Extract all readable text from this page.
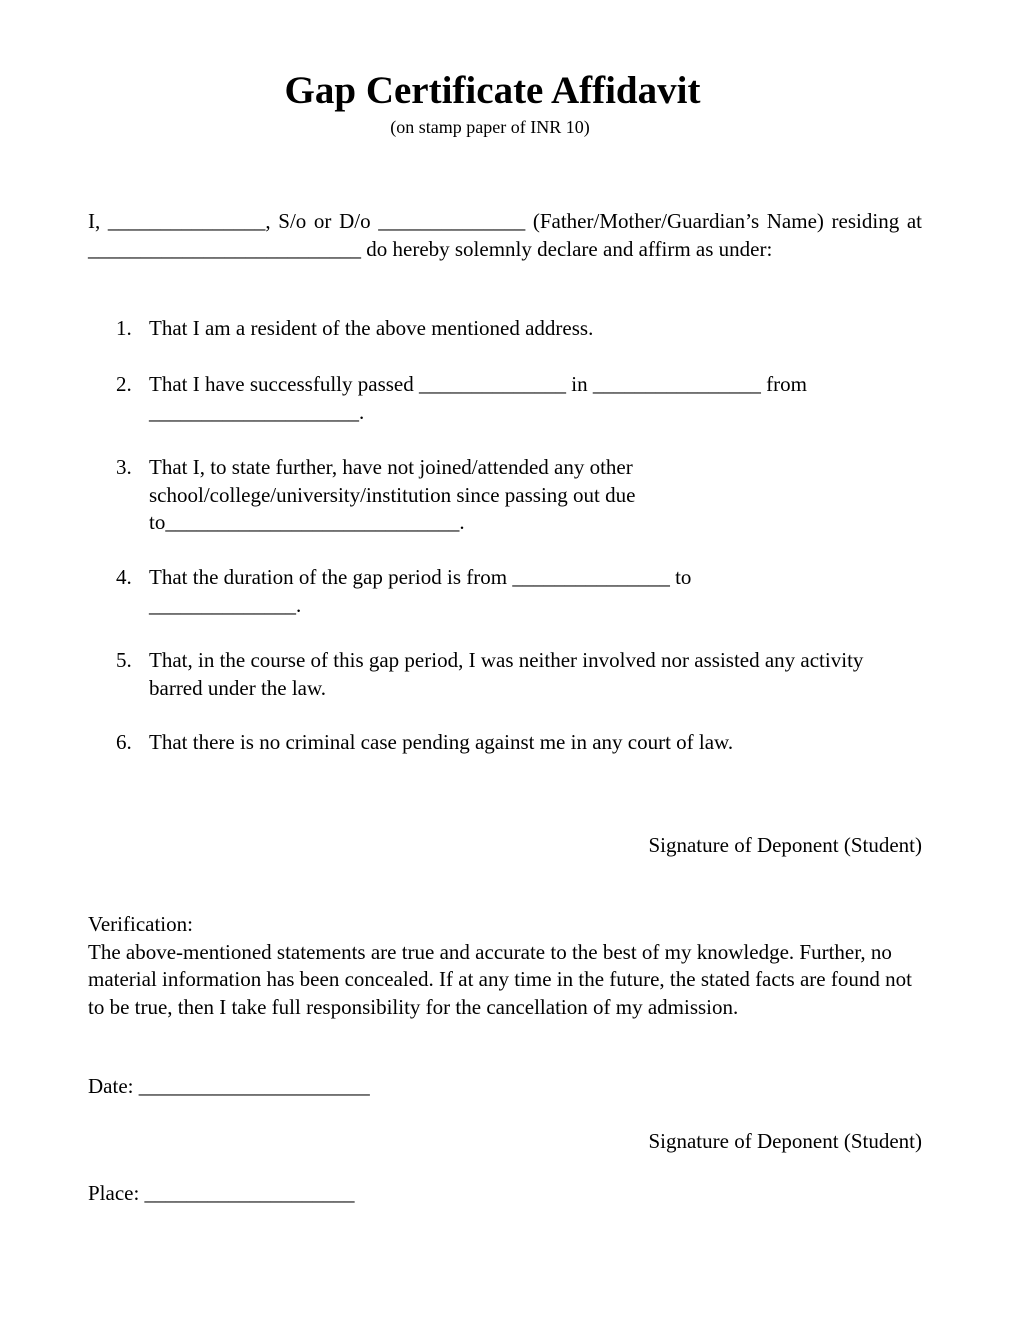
Gap Certificate Affidavit
(on stamp paper of INR 10)
I, _______________, S/o or D/o ______________ (Father/Mother/Guardian’s Name) residing at __________________________ do hereby solemnly declare and affirm as under:
1. That I am a resident of the above mentioned address.
2. That I have successfully passed ______________ in ________________ from ____________________.
3. That I, to state further, have not joined/attended any other school/college/university/institution since passing out due to____________________________.
4. That the duration of the gap period is from _______________ to ______________.
5. That, in the course of this gap period, I was neither involved nor assisted any activity barred under the law.
6. That there is no criminal case pending against me in any court of law.
Signature of Deponent (Student)
Verification:
The above-mentioned statements are true and accurate to the best of my knowledge. Further, no material information has been concealed. If at any time in the future, the stated facts are found not to be true, then I take full responsibility for the cancellation of my admission.
Date: ______________________
Signature of Deponent (Student)
Place: ____________________
